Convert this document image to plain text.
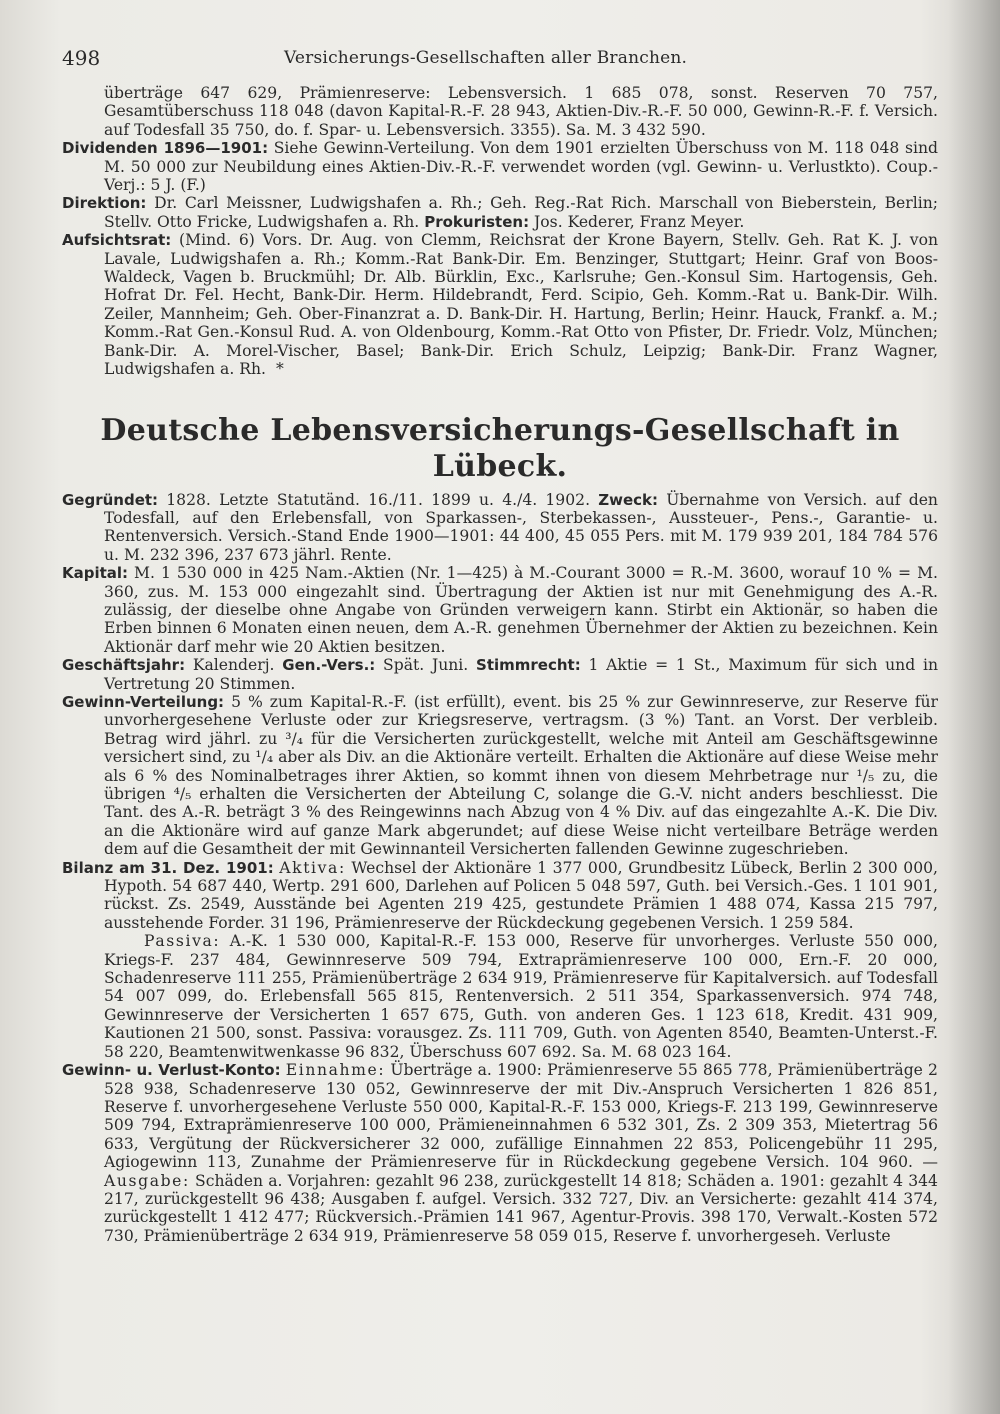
498	Versicherungs-Gesellschaften aller Branchen.

überträge 647 629, Prämienreserve: Lebensversich. 1 685 078, sonst. Reserven 70 757, Gesamtüberschuss 118 048 (davon Kapital-R.-F. 28 943, Aktien-Div.-R.-F. 50 000, Gewinn-R.-F. f. Versich. auf Todesfall 35 750, do. f. Spar- u. Lebensversich. 3355). Sa. M. 3 432 590.

Dividenden 1896—1901: Siehe Gewinn-Verteilung. Von dem 1901 erzielten Überschuss von M. 118 048 sind M. 50 000 zur Neubildung eines Aktien-Div.-R.-F. verwendet worden (vgl. Gewinn- u. Verlustkto). Coup.-Verj.: 5 J. (F.)

Direktion: Dr. Carl Meissner, Ludwigshafen a. Rh.; Geh. Reg.-Rat Rich. Marschall von Bieberstein, Berlin; Stellv. Otto Fricke, Ludwigshafen a. Rh. Prokuristen: Jos. Kederer, Franz Meyer.

Aufsichtsrat: (Mind. 6) Vors. Dr. Aug. von Clemm, Reichsrat der Krone Bayern, Stellv. Geh. Rat K. J. von Lavale, Ludwigshafen a. Rh.; Komm.-Rat Bank-Dir. Em. Benzinger, Stuttgart; Heinr. Graf von Boos-Waldeck, Vagen b. Bruckmühl; Dr. Alb. Bürklin, Exc., Karlsruhe; Gen.-Konsul Sim. Hartogensis, Geh. Hofrat Dr. Fel. Hecht, Bank-Dir. Herm. Hildebrandt, Ferd. Scipio, Geh. Komm.-Rat u. Bank-Dir. Wilh. Zeiler, Mannheim; Geh. Ober-Finanzrat a. D. Bank-Dir. H. Hartung, Berlin; Heinr. Hauck, Frankf. a. M.; Komm.-Rat Gen.-Konsul Rud. A. von Oldenbourg, Komm.-Rat Otto von Pfister, Dr. Friedr. Volz, München; Bank-Dir. A. Morel-Vischer, Basel; Bank-Dir. Erich Schulz, Leipzig; Bank-Dir. Franz Wagner, Ludwigshafen a. Rh. *

Deutsche Lebensversicherungs-Gesellschaft in Lübeck.

Gegründet: 1828. Letzte Statutänd. 16./11. 1899 u. 4./4. 1902. Zweck: Übernahme von Versich. auf den Todesfall, auf den Erlebensfall, von Sparkassen-, Sterbekassen-, Aussteuer-, Pens.-, Garantie- u. Rentenversich. Versich.-Stand Ende 1900—1901: 44 400, 45 055 Pers. mit M. 179 939 201, 184 784 576 u. M. 232 396, 237 673 jährl. Rente.

Kapital: M. 1 530 000 in 425 Nam.-Aktien (Nr. 1—425) à M.-Courant 3000 = R.-M. 3600, worauf 10 % = M. 360, zus. M. 153 000 eingezahlt sind. Übertragung der Aktien ist nur mit Genehmigung des A.-R. zulässig, der dieselbe ohne Angabe von Gründen verweigern kann. Stirbt ein Aktionär, so haben die Erben binnen 6 Monaten einen neuen, dem A.-R. genehmen Übernehmer der Aktien zu bezeichnen. Kein Aktionär darf mehr wie 20 Aktien besitzen.

Geschäftsjahr: Kalenderj. Gen.-Vers.: Spät. Juni. Stimmrecht: 1 Aktie = 1 St., Maximum für sich und in Vertretung 20 Stimmen.

Gewinn-Verteilung: 5 % zum Kapital-R.-F. (ist erfüllt), event. bis 25 % zur Gewinnreserve, zur Reserve für unvorhergesehene Verluste oder zur Kriegsreserve, vertragsm. (3 %) Tant. an Vorst. Der verbleib. Betrag wird jährl. zu ³/₄ für die Versicherten zurückgestellt, welche mit Anteil am Geschäftsgewinne versichert sind, zu ¹/₄ aber als Div. an die Aktionäre verteilt. Erhalten die Aktionäre auf diese Weise mehr als 6 % des Nominalbetrages ihrer Aktien, so kommt ihnen von diesem Mehrbetrage nur ¹/₅ zu, die übrigen ⁴/₅ erhalten die Versicherten der Abteilung C, solange die G.-V. nicht anders beschliesst. Die Tant. des A.-R. beträgt 3 % des Reingewinns nach Abzug von 4 % Div. auf das eingezahlte A.-K. Die Div. an die Aktionäre wird auf ganze Mark abgerundet; auf diese Weise nicht verteilbare Beträge werden dem auf die Gesamtheit der mit Gewinnanteil Versicherten fallenden Gewinne zugeschrieben.

Bilanz am 31. Dez. 1901: Aktiva: Wechsel der Aktionäre 1 377 000, Grundbesitz Lübeck, Berlin 2 300 000, Hypoth. 54 687 440, Wertp. 291 600, Darlehen auf Policen 5 048 597, Guth. bei Versich.-Ges. 1 101 901, rückst. Zs. 2549, Ausstände bei Agenten 219 425, gestundete Prämien 1 488 074, Kassa 215 797, ausstehende Forder. 31 196, Prämienreserve der Rückdeckung gegebenen Versich. 1 259 584.

Passiva: A.-K. 1 530 000, Kapital-R.-F. 153 000, Reserve für unvorherges. Verluste 550 000, Kriegs-F. 237 484, Gewinnreserve 509 794, Extraprämienreserve 100 000, Ern.-F. 20 000, Schadenreserve 111 255, Prämienüberträge 2 634 919, Prämienreserve für Kapitalversich. auf Todesfall 54 007 099, do. Erlebensfall 565 815, Rentenversich. 2 511 354, Sparkassenversich. 974 748, Gewinnreserve der Versicherten 1 657 675, Guth. von anderen Ges. 1 123 618, Kredit. 431 909, Kautionen 21 500, sonst. Passiva: vorausgez. Zs. 111 709, Guth. von Agenten 8540, Beamten-Unterst.-F. 58 220, Beamtenwitwenkasse 96 832, Überschuss 607 692. Sa. M. 68 023 164.

Gewinn- u. Verlust-Konto: Einnahme: Überträge a. 1900: Prämienreserve 55 865 778, Prämienüberträge 2 528 938, Schadenreserve 130 052, Gewinnreserve der mit Div.-Anspruch Versicherten 1 826 851, Reserve f. unvorhergesehene Verluste 550 000, Kapital-R.-F. 153 000, Kriegs-F. 213 199, Gewinnreserve 509 794, Extraprämienreserve 100 000, Prämieneinnahmen 6 532 301, Zs. 2 309 353, Mietertrag 56 633, Vergütung der Rückversicherer 32 000, zufällige Einnahmen 22 853, Policengebühr 11 295, Agiogewinn 113, Zunahme der Prämienreserve für in Rückdeckung gegebene Versich. 104 960. — Ausgabe: Schäden a. Vorjahren: gezahlt 96 238, zurückgestellt 14 818; Schäden a. 1901: gezahlt 4 344 217, zurückgestellt 96 438; Ausgaben f. aufgel. Versich. 332 727, Div. an Versicherte: gezahlt 414 374, zurückgestellt 1 412 477; Rückversich.-Prämien 141 967, Agentur-Provis. 398 170, Verwalt.-Kosten 572 730, Prämienüberträge 2 634 919, Prämienreserve 58 059 015, Reserve f. unvorhergeseh. Verluste
